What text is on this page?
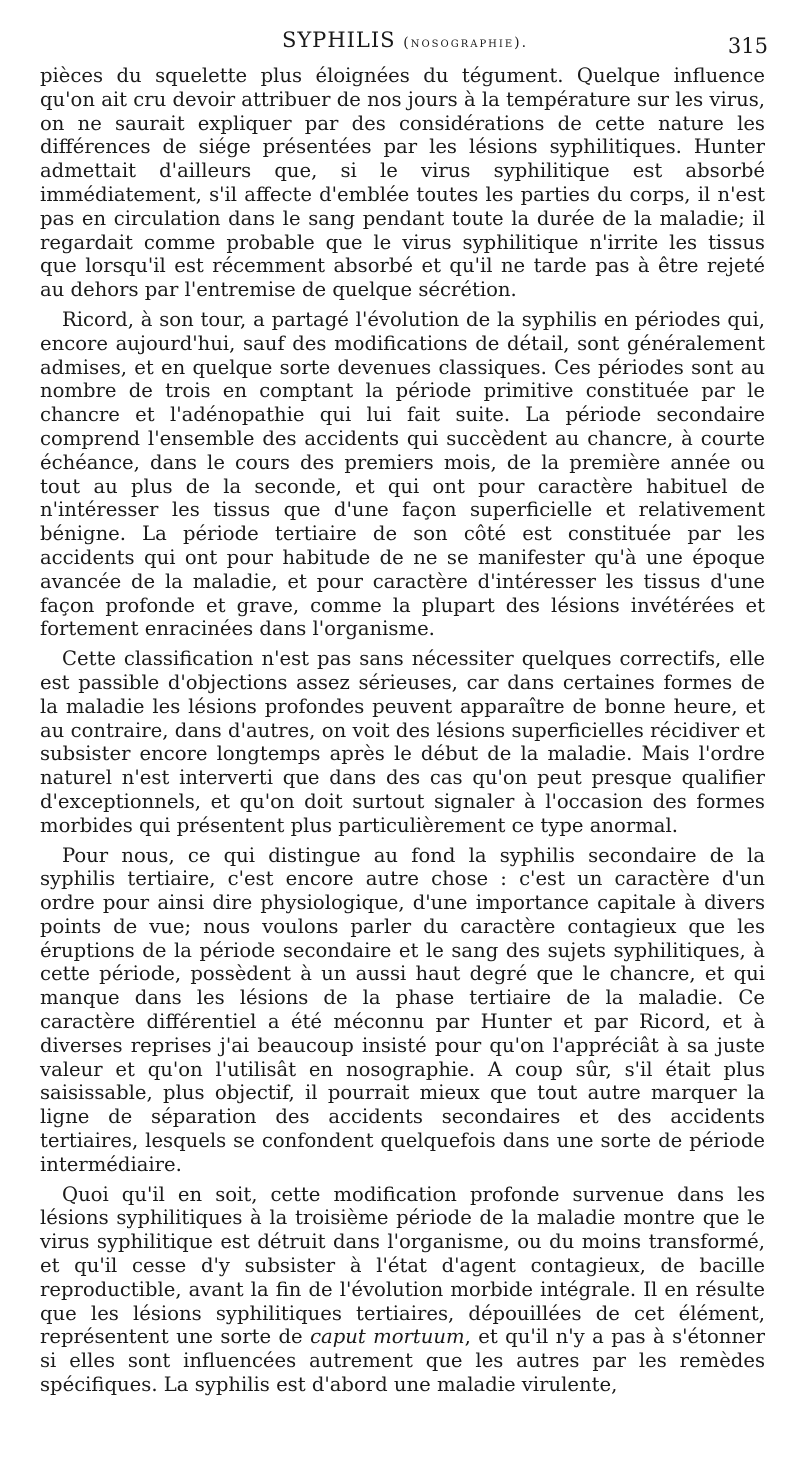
SYPHILIS (nosographie).	315

pièces du squelette plus éloignées du tégument. Quelque influence qu'on ait cru devoir attribuer de nos jours à la température sur les virus, on ne saurait expliquer par des considérations de cette nature les différences de siége présentées par les lésions syphilitiques. Hunter admettait d'ailleurs que, si le virus syphilitique est absorbé immédiatement, s'il affecte d'emblée toutes les parties du corps, il n'est pas en circulation dans le sang pendant toute la durée de la maladie; il regardait comme probable que le virus syphilitique n'irrite les tissus que lorsqu'il est récemment absorbé et qu'il ne tarde pas à être rejeté au dehors par l'entremise de quelque sécrétion.

Ricord, à son tour, a partagé l'évolution de la syphilis en périodes qui, encore aujourd'hui, sauf des modifications de détail, sont généralement admises, et en quelque sorte devenues classiques. Ces périodes sont au nombre de trois en comptant la période primitive constituée par le chancre et l'adénopathie qui lui fait suite. La période secondaire comprend l'ensemble des accidents qui succèdent au chancre, à courte échéance, dans le cours des premiers mois, de la première année ou tout au plus de la seconde, et qui ont pour caractère habituel de n'intéresser les tissus que d'une façon superficielle et relativement bénigne. La période tertiaire de son côté est constituée par les accidents qui ont pour habitude de ne se manifester qu'à une époque avancée de la maladie, et pour caractère d'intéresser les tissus d'une façon profonde et grave, comme la plupart des lésions invétérées et fortement enracinées dans l'organisme.

Cette classification n'est pas sans nécessiter quelques correctifs, elle est passible d'objections assez sérieuses, car dans certaines formes de la maladie les lésions profondes peuvent apparaître de bonne heure, et au contraire, dans d'autres, on voit des lésions superficielles récidiver et subsister encore longtemps après le début de la maladie. Mais l'ordre naturel n'est interverti que dans des cas qu'on peut presque qualifier d'exceptionnels, et qu'on doit surtout signaler à l'occasion des formes morbides qui présentent plus particulièrement ce type anormal.

Pour nous, ce qui distingue au fond la syphilis secondaire de la syphilis tertiaire, c'est encore autre chose : c'est un caractère d'un ordre pour ainsi dire physiologique, d'une importance capitale à divers points de vue; nous voulons parler du caractère contagieux que les éruptions de la période secondaire et le sang des sujets syphilitiques, à cette période, possèdent à un aussi haut degré que le chancre, et qui manque dans les lésions de la phase tertiaire de la maladie. Ce caractère différentiel a été méconnu par Hunter et par Ricord, et à diverses reprises j'ai beaucoup insisté pour qu'on l'appréciât à sa juste valeur et qu'on l'utilisât en nosographie. A coup sûr, s'il était plus saisissable, plus objectif, il pourrait mieux que tout autre marquer la ligne de séparation des accidents secondaires et des accidents tertiaires, lesquels se confondent quelquefois dans une sorte de période intermédiaire.

Quoi qu'il en soit, cette modification profonde survenue dans les lésions syphilitiques à la troisième période de la maladie montre que le virus syphilitique est détruit dans l'organisme, ou du moins transformé, et qu'il cesse d'y subsister à l'état d'agent contagieux, de bacille reproductible, avant la fin de l'évolution morbide intégrale. Il en résulte que les lésions syphilitiques tertiaires, dépouillées de cet élément, représentent une sorte de caput mortuum, et qu'il n'y a pas à s'étonner si elles sont influencées autrement que les autres par les remèdes spécifiques. La syphilis est d'abord une maladie virulente,
